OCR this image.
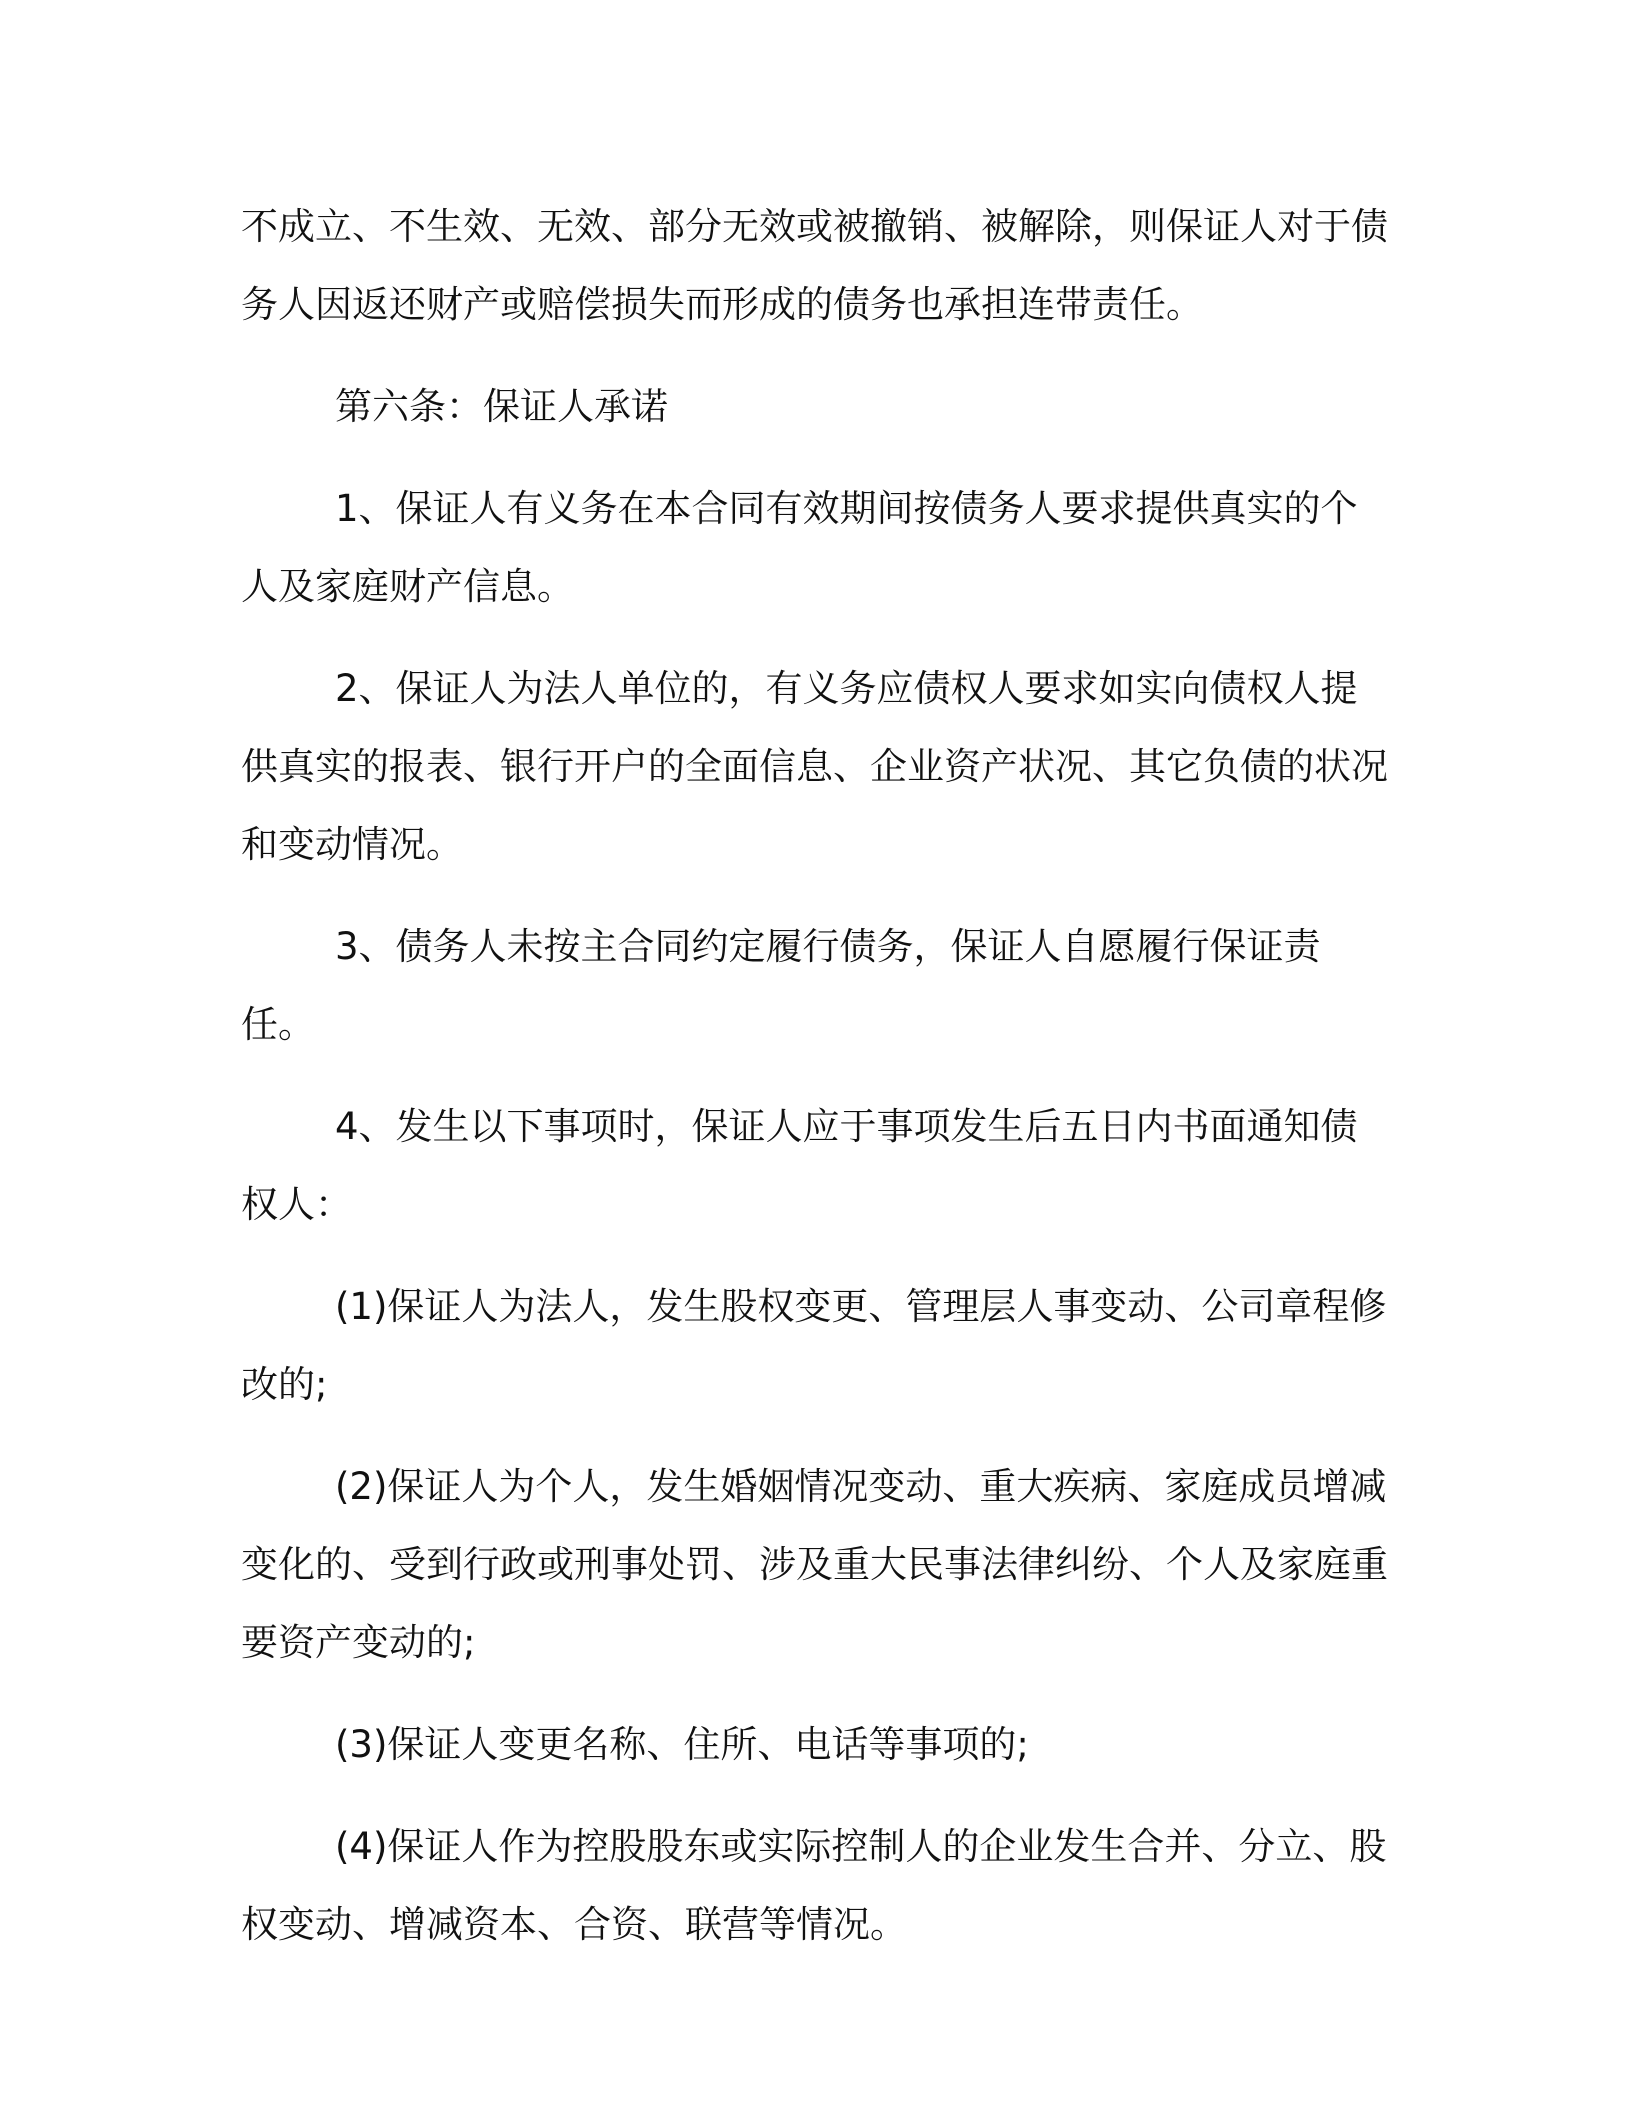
不成立、不生效、无效、部分无效或被撤销、被解除，则保证人对于债务人因返还财产或赔偿损失而形成的债务也承担连带责任。

第六条：保证人承诺

1、保证人有义务在本合同有效期间按债务人要求提供真实的个人及家庭财产信息。

2、保证人为法人单位的，有义务应债权人要求如实向债权人提供真实的报表、银行开户的全面信息、企业资产状况、其它负债的状况和变动情况。

3、债务人未按主合同约定履行债务，保证人自愿履行保证责任。

4、发生以下事项时，保证人应于事项发生后五日内书面通知债权人：

(1)保证人为法人，发生股权变更、管理层人事变动、公司章程修改的;

(2)保证人为个人，发生婚姻情况变动、重大疾病、家庭成员增减变化的、受到行政或刑事处罚、涉及重大民事法律纠纷、个人及家庭重要资产变动的;

(3)保证人变更名称、住所、电话等事项的;

(4)保证人作为控股股东或实际控制人的企业发生合并、分立、股权变动、增减资本、合资、联营等情况。
